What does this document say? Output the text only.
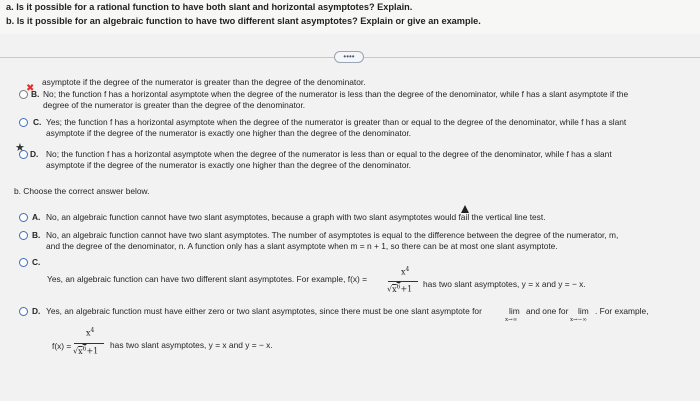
a. Is it possible for a rational function to have both slant and horizontal asymptotes? Explain.
b. Is it possible for an algebraic function to have two different slant asymptotes? Explain or give an example.
••••
asymptote if the degree of the numerator is greater than the degree of the denominator.
✖
B. No; the function f has a horizontal asymptote when the degree of the numerator is less than the degree of the denominator, while f has a slant asymptote if the
degree of the numerator is greater than the degree of the denominator.
C. Yes; the function f has a horizontal asymptote when the degree of the numerator is greater than or equal to the degree of the denominator, while f has a slant
asymptote if the degree of the numerator is exactly one higher than the degree of the denominator.
★ D. No; the function f has a horizontal asymptote when the degree of the numerator is less than or equal to the degree of the denominator, while f has a slant
asymptote if the degree of the numerator is exactly one higher than the degree of the denominator.
b. Choose the correct answer below.
A. No, an algebraic function cannot have two slant asymptotes, because a graph with two slant asymptotes would fail the vertical line test.
B. No, an algebraic function cannot have two slant asymptotes. The number of asymptotes is equal to the difference between the degree of the numerator, m,
and the degree of the denominator, n. A function only has a slant asymptote when m = n + 1, so there can be at most one slant asymptote.
C.
Yes, an algebraic function can have two different slant asymptotes. For example, f(x) =
$x^4$
$√x^6+1$
has two slant asymptotes, y = x and y = − x.
D. Yes, an algebraic function must have either zero or two slant asymptotes, since there must be one slant asymptote for	lim
x→∞
and one for lim
x→−∞
. For example,
f(x) =
$x^4$
$√x^6+1$
has two slant asymptotes, y = x and y = − x.
